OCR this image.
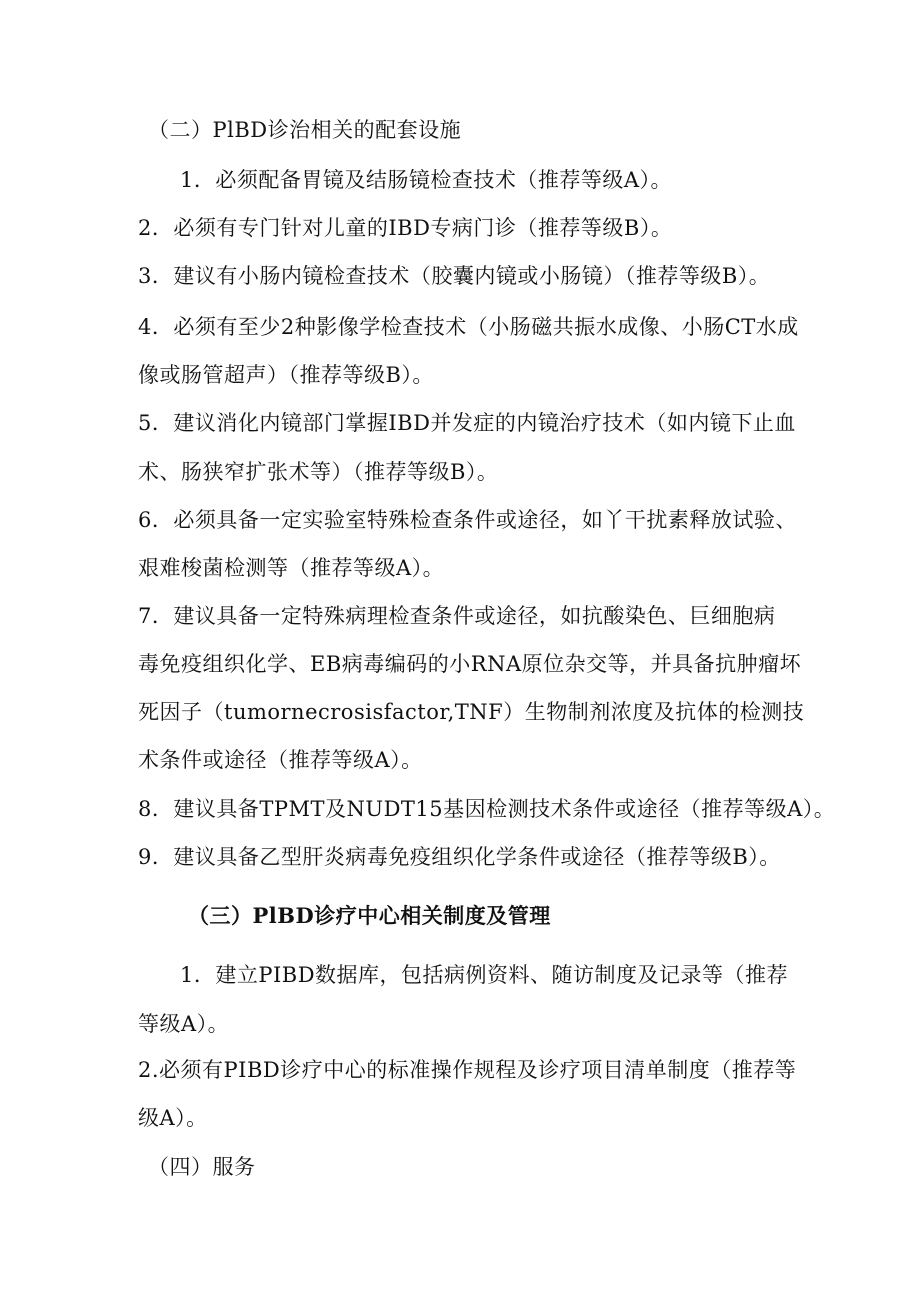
（二）PlBD诊治相关的配套设施
1．必须配备胃镜及结肠镜检查技术（推荐等级A）。
2．必须有专门针对儿童的IBD专病门诊（推荐等级B）。
3．建议有小肠内镜检查技术（胶囊内镜或小肠镜）（推荐等级B）。
4．必须有至少2种影像学检查技术（小肠磁共振水成像、小肠CT水成
像或肠管超声）（推荐等级B）。
5．建议消化内镜部门掌握IBD并发症的内镜治疗技术（如内镜下止血
术、肠狭窄扩张术等）（推荐等级B）。
6．必须具备一定实验室特殊检查条件或途径，如丫干扰素释放试验、
艰难梭菌检测等（推荐等级A）。
7．建议具备一定特殊病理检查条件或途径，如抗酸染色、巨细胞病
毒免疫组织化学、EB病毒编码的小RNA原位杂交等，并具备抗肿瘤坏
死因子（tumornecrosisfactor,TNF）生物制剂浓度及抗体的检测技
术条件或途径（推荐等级A）。
8．建议具备TPMT及NUDT15基因检测技术条件或途径（推荐等级A）。
9．建议具备乙型肝炎病毒免疫组织化学条件或途径（推荐等级B）。
（三）PlBD诊疗中心相关制度及管理
1．建立PIBD数据库，包括病例资料、随访制度及记录等（推荐
等级A）。
2.必须有PIBD诊疗中心的标准操作规程及诊疗项目清单制度（推荐等
级A）。
（四）服务
